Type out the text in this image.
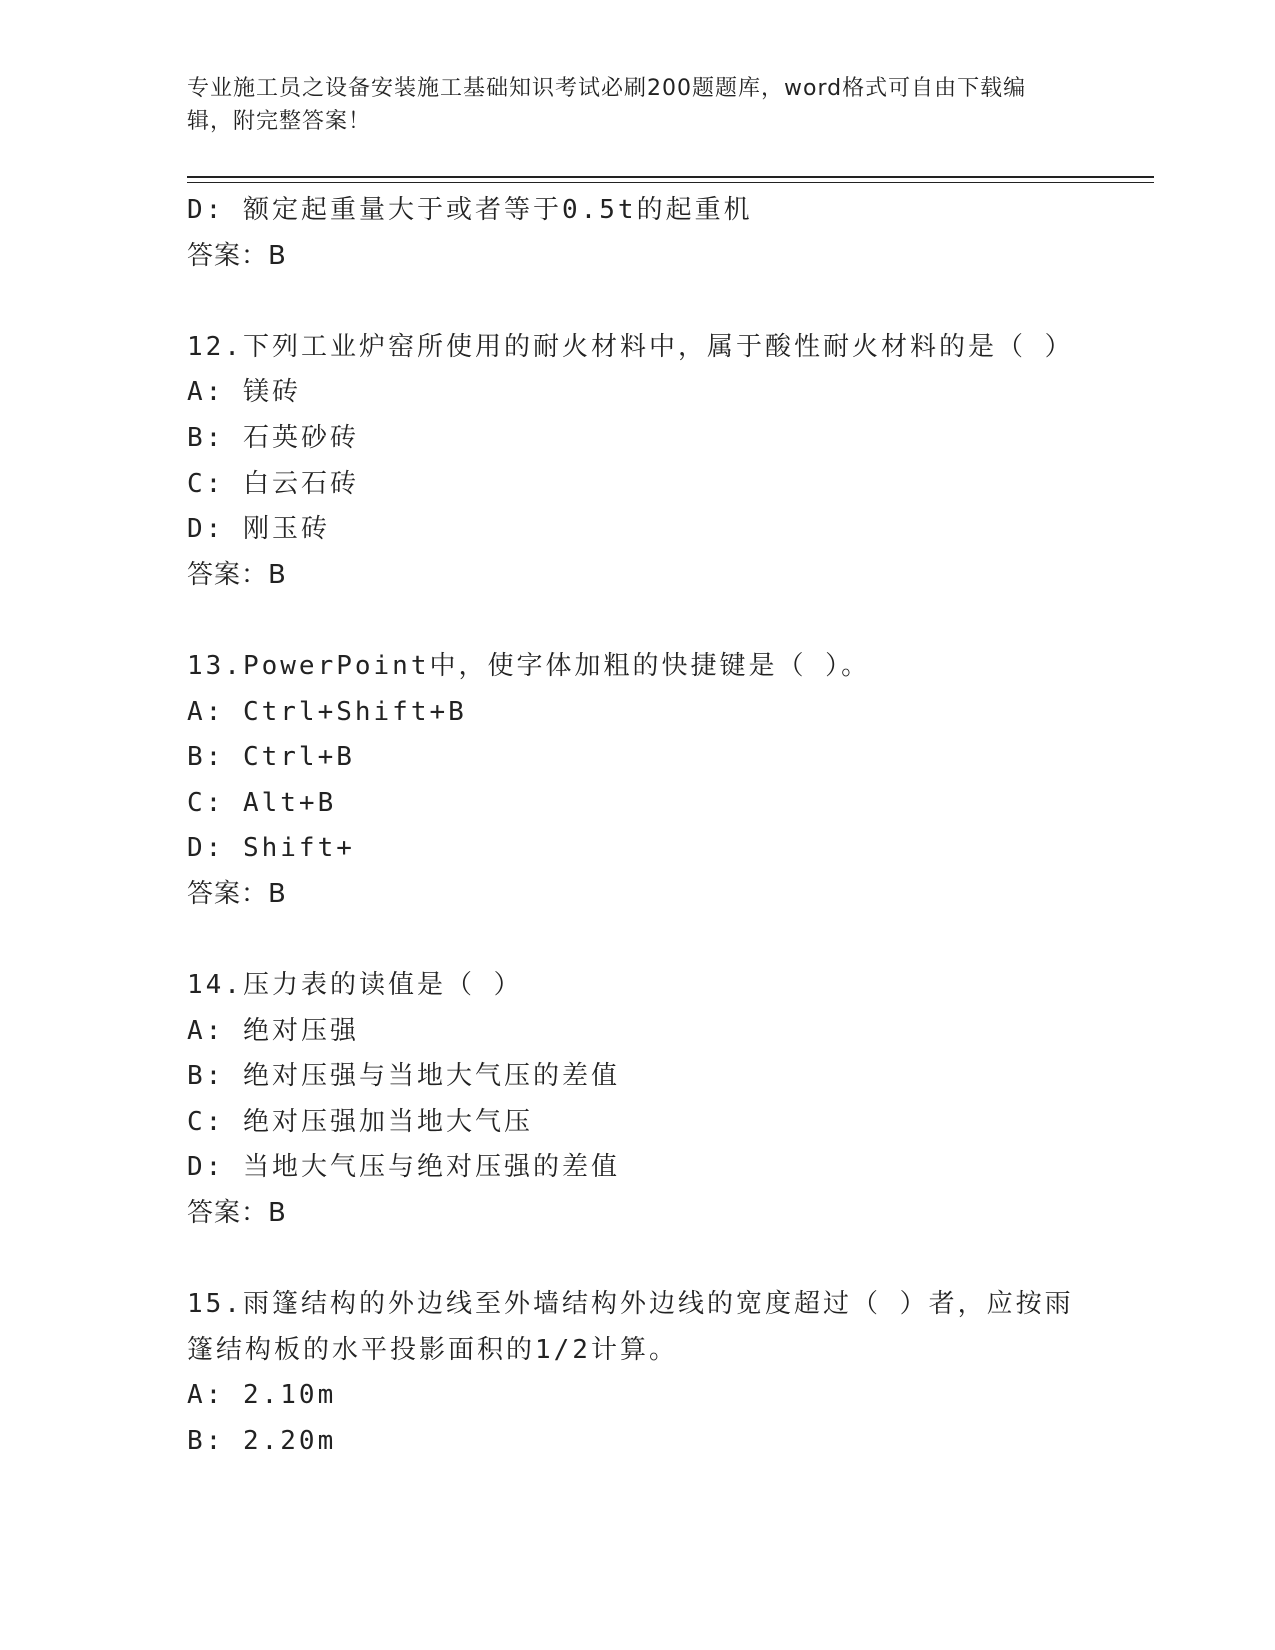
专业施工员之设备安装施工基础知识考试必刷200题题库，word格式可自由下载编辑，附完整答案！
D: 额定起重量大于或者等于0.5t的起重机
答案：B
12.下列工业炉窑所使用的耐火材料中，属于酸性耐火材料的是（ ）
A: 镁砖
B: 石英砂砖
C: 白云石砖
D: 刚玉砖
答案：B
13.PowerPoint中，使字体加粗的快捷键是（ ）。
A: Ctrl+Shift+B
B: Ctrl+B
C: Alt+B
D: Shift+
答案：B
14.压力表的读值是（ ）
A: 绝对压强
B: 绝对压强与当地大气压的差值
C: 绝对压强加当地大气压
D: 当地大气压与绝对压强的差值
答案：B
15.雨篷结构的外边线至外墙结构外边线的宽度超过（ ）者，应按雨
篷结构板的水平投影面积的1/2计算。
A: 2.10m
B: 2.20m
